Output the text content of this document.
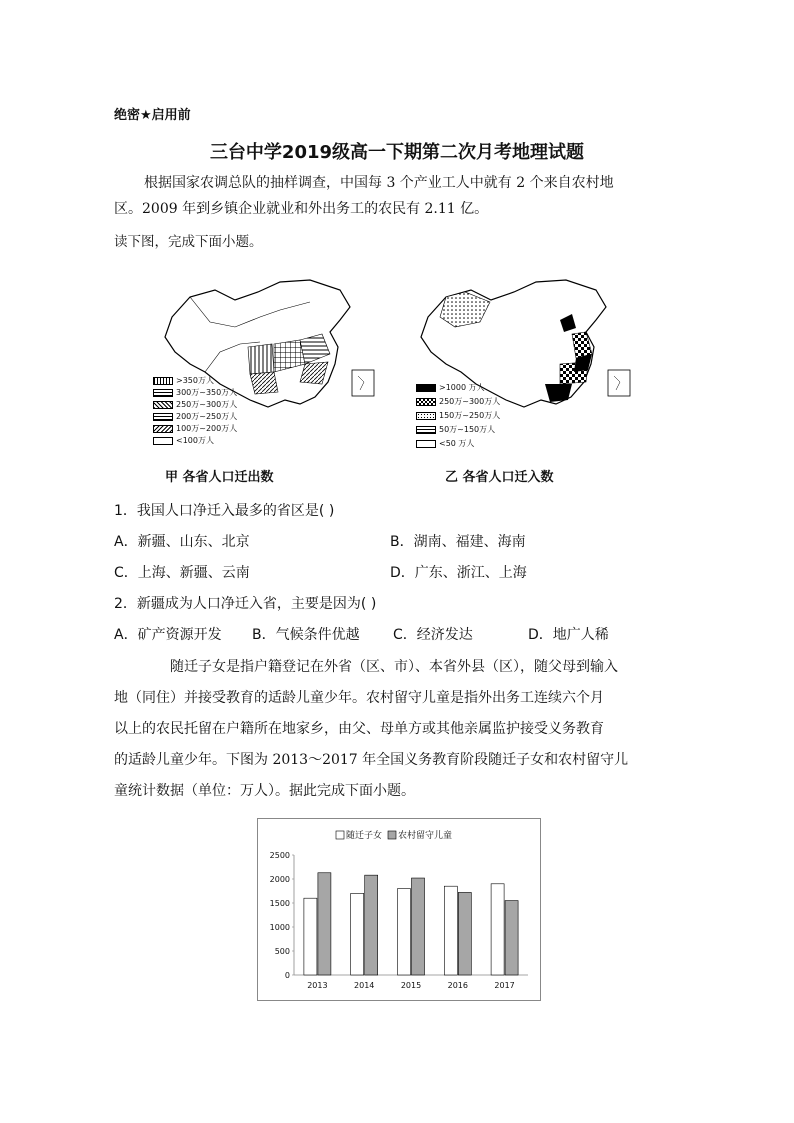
绝密★启用前
三台中学2019级高一下期第二次月考地理试题
根据国家农调总队的抽样调查，中国每 3 个产业工人中就有 2 个来自农村地
区。2009 年到乡镇企业就业和外出务工的农民有 2.11 亿。
读下图，完成下面小题。
>350万人
300万~350万人
250万~300万人
200万~250万人
100万~200万人
<100万人
甲 各省人口迁出数
>1000 万人
250万~300万人
150万~250万人
50万~150万人
<50 万人
乙 各省人口迁入数
1．我国人口净迁入最多的省区是( )
A．新疆、山东、北京	B．湖南、福建、海南
C．上海、新疆、云南	D．广东、浙江、上海
2．新疆成为人口净迁入省，主要是因为( )
A．矿产资源开发 B．气候条件优越 C．经济发达	D．地广人稀
随迁子女是指户籍登记在外省（区、市）、本省外县（区），随父母到输入
地（同住）并接受教育的适龄儿童少年。农村留守儿童是指外出务工连续六个月
以上的农民托留在户籍所在地家乡，由父、母单方或其他亲属监护接受义务教育
的适龄儿童少年。下图为 2013～2017 年全国义务教育阶段随迁子女和农村留守儿
童统计数据（单位：万人）。据此完成下面小题。
随迁子女 农村留守儿童
0
500
1000
1500
2000
2500
2013	2014	2015	2016	2017
